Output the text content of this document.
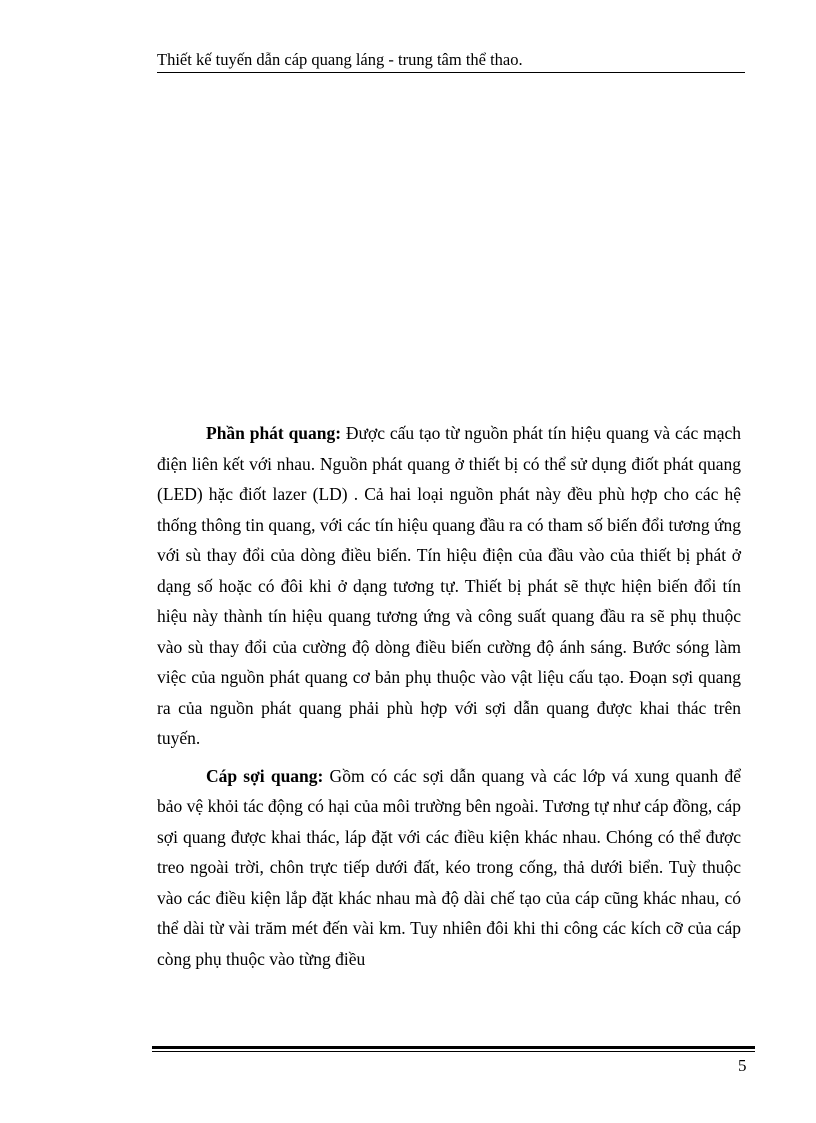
Thiết kế tuyến dẫn cáp quang láng - trung tâm thể thao.

Phần phát quang: Được cấu tạo từ nguồn phát tín hiệu quang và các mạch điện liên kết với nhau. Nguồn phát quang ở thiết bị có thể sử dụng điốt phát quang (LED) hặc điốt lazer (LD) . Cả hai loại nguồn phát này đều phù hợp cho các hệ thống thông tin quang, với các tín hiệu quang đầu ra có tham số biến đổi tương ứng với sù thay đổi của dòng điều biến. Tín hiệu điện của đầu vào của thiết bị phát ở dạng số hoặc có đôi khi ở dạng tương tự. Thiết bị phát sẽ thực hiện biến đổi tín hiệu này thành tín hiệu quang tương ứng và công suất quang đầu ra sẽ phụ thuộc vào sù thay đổi của cường độ dòng điều biến cường độ ánh sáng. Bước sóng làm việc của nguồn phát quang cơ bản phụ thuộc vào vật liệu cấu tạo. Đoạn sợi quang ra của nguồn phát quang phải phù hợp với sợi dẫn quang được khai thác trên tuyến.

Cáp sợi quang: Gồm có các sợi dẫn quang và các lớp vá xung quanh để bảo vệ khỏi tác động có hại của môi trường bên ngoài. Tương tự như cáp đồng, cáp sợi quang được khai thác, láp đặt với các điều kiện khác nhau. Chóng có thể được treo ngoài trời, chôn trực tiếp dưới đất, kéo trong cống, thả dưới biển. Tuỳ thuộc vào các điều kiện lắp đặt khác nhau mà độ dài chế tạo của cáp cũng khác nhau, có thể dài từ vài trăm mét đến vài km. Tuy nhiên đôi khi thi công các kích cỡ của cáp còng phụ thuộc vào từng điều

5
